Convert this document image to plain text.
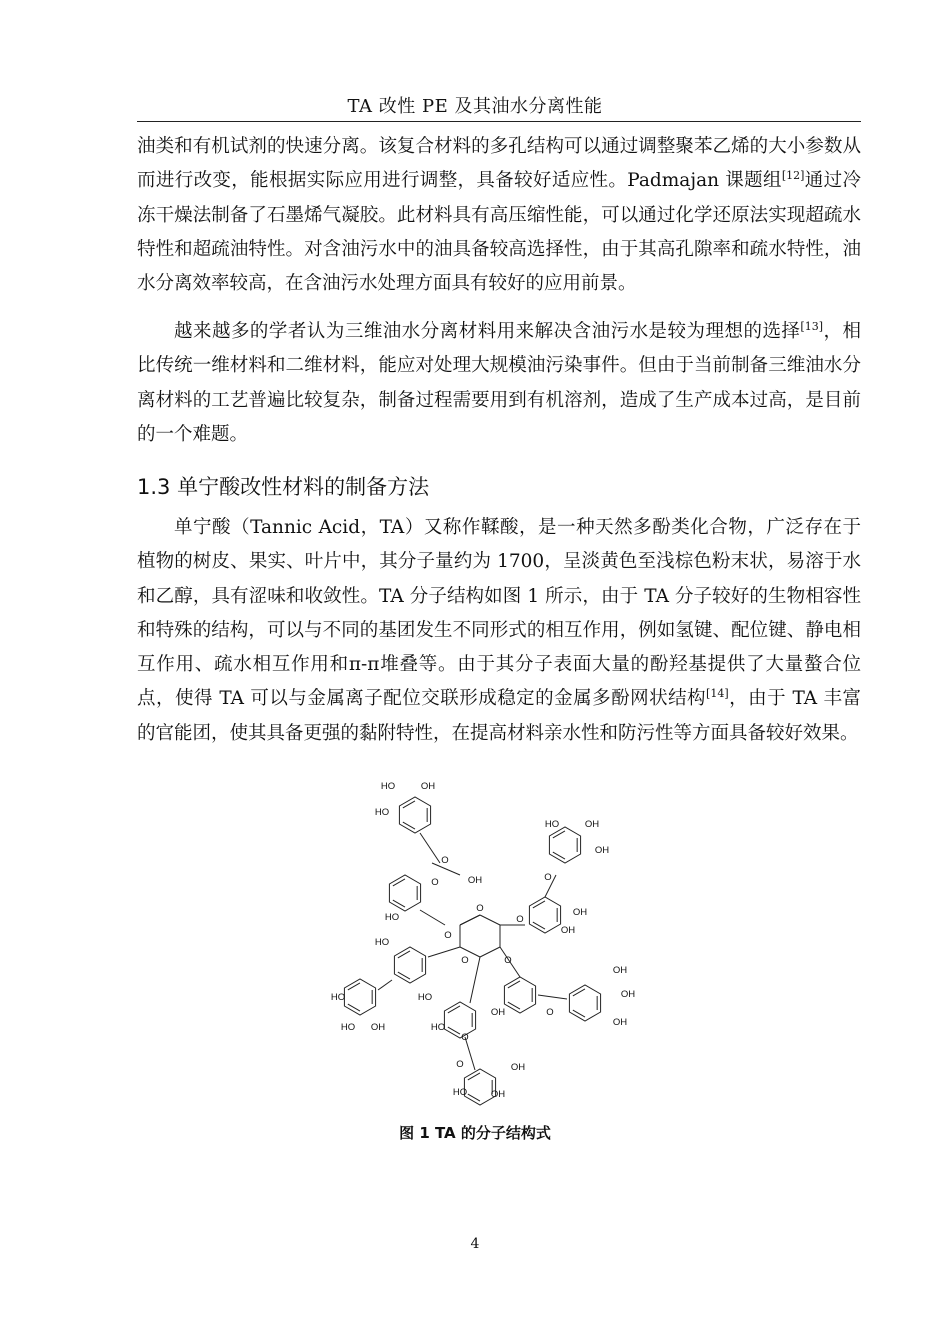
TA 改性 PE 及其油水分离性能
油类和有机试剂的快速分离。该复合材料的多孔结构可以通过调整聚苯乙烯的大小参数从而进行改变，能根据实际应用进行调整，具备较好适应性。Padmajan 课题组[12]通过冷冻干燥法制备了石墨烯气凝胶。此材料具有高压缩性能，可以通过化学还原法实现超疏水特性和超疏油特性。对含油污水中的油具备较高选择性，由于其高孔隙率和疏水特性，油水分离效率较高，在含油污水处理方面具有较好的应用前景。
越来越多的学者认为三维油水分离材料用来解决含油污水是较为理想的选择[13]，相比传统一维材料和二维材料，能应对处理大规模油污染事件。但由于当前制备三维油水分离材料的工艺普遍比较复杂，制备过程需要用到有机溶剂，造成了生产成本过高，是目前的一个难题。
1.3 单宁酸改性材料的制备方法
单宁酸（Tannic Acid，TA）又称作鞣酸，是一种天然多酚类化合物，广泛存在于植物的树皮、果实、叶片中，其分子量约为 1700，呈淡黄色至浅棕色粉末状，易溶于水和乙醇，具有涩味和收敛性。TA 分子结构如图 1 所示，由于 TA 分子较好的生物相容性和特殊的结构，可以与不同的基团发生不同形式的相互作用，例如氢键、配位键、静电相互作用、疏水相互作用和π-π堆叠等。由于其分子表面大量的酚羟基提供了大量螯合位点，使得 TA 可以与金属离子配位交联形成稳定的金属多酚网状结构[14]，由于 TA 丰富的官能团，使其具备更强的黏附特性，在提高材料亲水性和防污性等方面具备较好效果。
O
HO	OH
HO
O
O	OH
HO	OH
OH
O
OH
OH
O
HO
HO
O
O	O
HO
HO OH
HO
HO
O
OH	O
OH
OH
OH
O	OH
HO	OH
图 1 TA 的分子结构式
4
